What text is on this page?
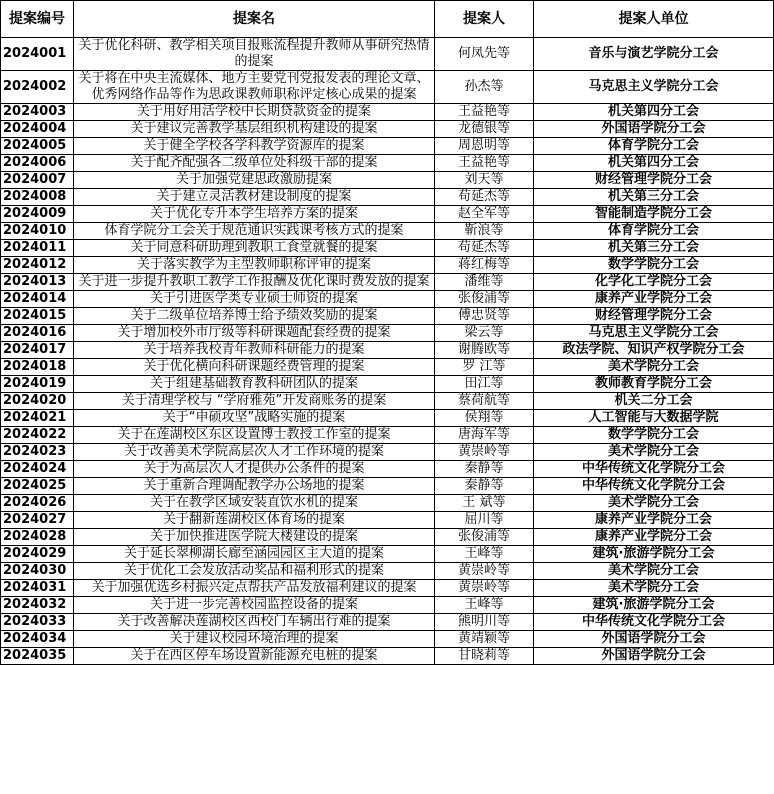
提案编号	提案名	提案人	提案人单位
2024001	关于优化科研、教学相关项目报账流程提升教师从事研究热情的提案	何凤先等	音乐与演艺学院分工会
2024002	关于将在中央主流媒体、地方主要党刊党报发表的理论文章、优秀网络作品等作为思政课教师职称评定核心成果的提案	孙杰等	马克思主义学院分工会
2024003	关于用好用活学校中长期贷款资金的提案	王益艳等	机关第四分工会
2024004	关于建议完善教学基层组织机构建设的提案	龙德银等	外国语学院分工会
2024005	关于健全学校各学科教学资源库的提案	周恩明等	体育学院分工会
2024006	关于配齐配强各二级单位处科级干部的提案	王益艳等	机关第四分工会
2024007	关于加强党建思政激励提案	刘天等	财经管理学院分工会
2024008	关于建立灵活教材建设制度的提案	苟延杰等	机关第三分工会
2024009	关于优化专升本学生培养方案的提案	赵全军等	智能制造学院分工会
2024010	体育学院分工会关于规范通识实践课考核方式的提案	靳浪等	体育学院分工会
2024011	关于同意科研助理到教职工食堂就餐的提案	苟延杰等	机关第三分工会
2024012	关于落实教学为主型教师职称评审的提案	蒋红梅等	数学学院分工会
2024013	关于进一步提升教职工教学工作报酬及优化课时费发放的提案	潘维等	化学化工学院分工会
2024014	关于引进医学类专业硕士师资的提案	张俊浦等	康养产业学院分工会
2024015	关于二级单位培养博士给予绩效奖励的提案	傅忠贤等	财经管理学院分工会
2024016	关于增加校外市厅级等科研课题配套经费的提案	梁云等	马克思主义学院分工会
2024017	关于培养我校青年教师科研能力的提案	谢腾欧等	政法学院、知识产权学院分工会
2024018	关于优化横向科研课题经费管理的提案	罗 江等	美术学院分工会
2024019	关于组建基础教育教科研团队的提案	田江等	教师教育学院分工会
2024020	关于清理学校与 “学府雅苑”开发商账务的提案	蔡荷航等	机关二分工会
2024021	关于“申硕攻坚”战略实施的提案	侯翔等	人工智能与大数据学院
2024022	关于在莲湖校区东区设置博士教授工作室的提案	唐海军等	数学学院分工会
2024023	关于改善美术学院高层次人才工作环境的提案	黄崇岭等	美术学院分工会
2024024	关于为高层次人才提供办公条件的提案	秦静等	中华传统文化学院分工会
2024025	关于重新合理调配教学办公场地的提案	秦静等	中华传统文化学院分工会
2024026	关于在教学区域安装直饮水机的提案	王 斌等	美术学院分工会
2024027	关于翻新莲湖校区体育场的提案	屈川等	康养产业学院分工会
2024028	关于加快推进医学院大楼建设的提案	张俊浦等	康养产业学院分工会
2024029	关于延长翠柳湖长廊至涵园园区主大道的提案	王峰等	建筑·旅游学院分工会
2024030	关于优化工会发放活动奖品和福利形式的提案	黄崇岭等	美术学院分工会
2024031	关于加强优选乡村振兴定点帮扶产品发放福利建议的提案	黄崇岭等	美术学院分工会
2024032	关于进一步完善校园监控设备的提案	王峰等	建筑·旅游学院分工会
2024033	关于改善解决莲湖校区西校门车辆出行难的提案	熊明川等	中华传统文化学院分工会
2024034	关于建议校园环境治理的提案	黄靖颖等	外国语学院分工会
2024035	关于在西区停车场设置新能源充电桩的提案	甘晓莉等	外国语学院分工会
